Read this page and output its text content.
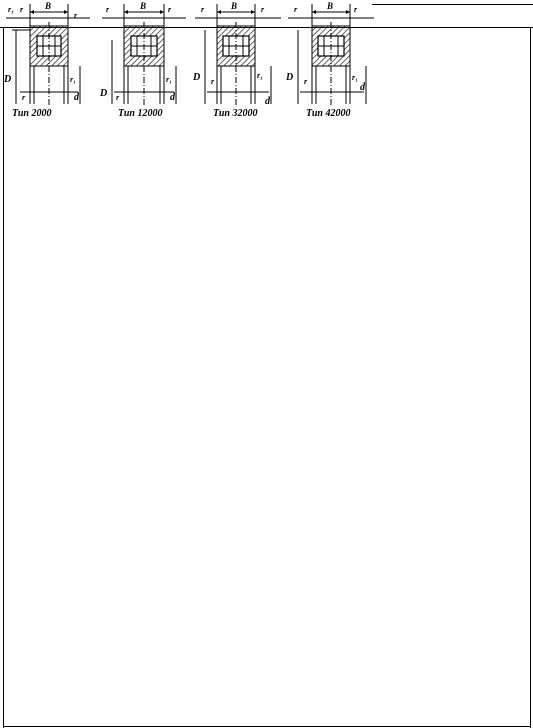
B
r₁ r
r
D
d
r
r₁
Тип 2000
B
r	r
D	d
r
r₁
Тип 12000
B
r	r
D
d
r
r₁
Тип 32000
B
r	r
D
d
r	r₁
Тип 42000
